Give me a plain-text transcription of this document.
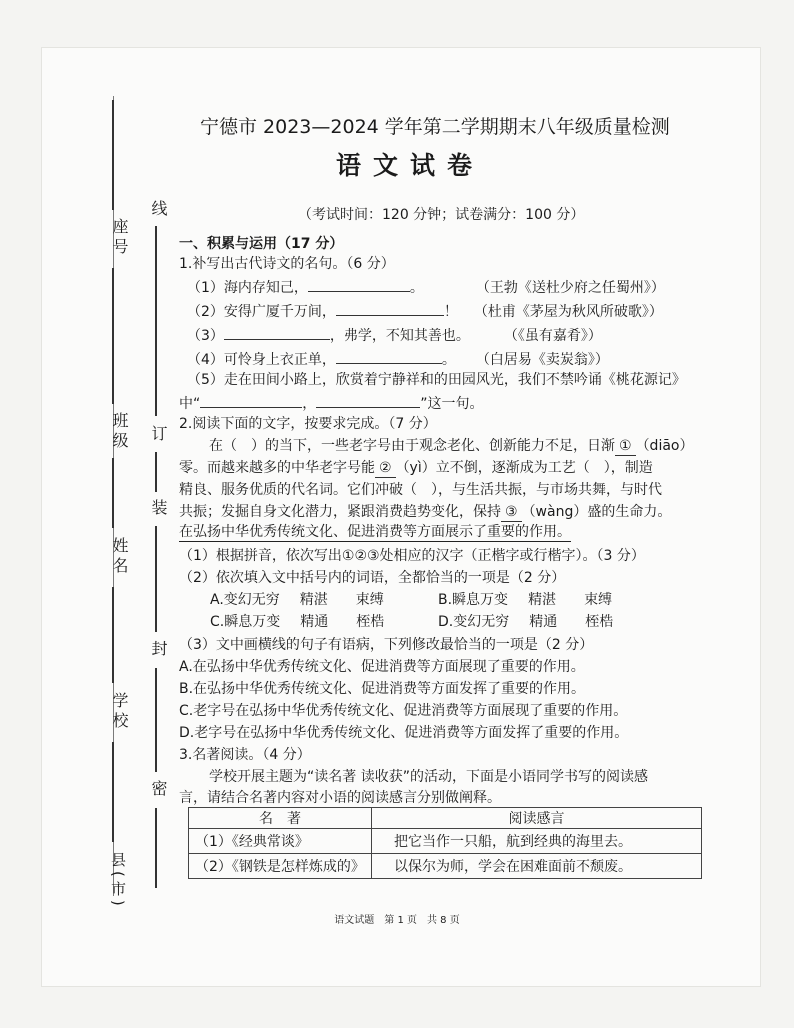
座号
班级
姓名
学校
县(市)
线
订
装
封
密
宁德市 2023—2024 学年第二学期期末八年级质量检测
语文试卷
（考试时间：120 分钟；试卷满分：100 分）
一、积累与运用（17 分）
1.补写出古代诗文的名句。（6 分）
（1）海内存知己，	。	（王勃《送杜少府之任蜀州》）
（2）安得广厦千万间，	！ （杜甫《茅屋为秋风所破歌》）
（3）	，弗学，不知其善也。 （《虽有嘉肴》）
（4）可怜身上衣正单，	。 （白居易《卖炭翁》）
（5）走在田间小路上，欣赏着宁静祥和的田园风光，我们不禁吟诵《桃花源记》
中“	，	”这一句。
2.阅读下面的文字，按要求完成。（7 分）
在（　）的当下，一些老字号由于观念老化、创新能力不足，日渐 ① （diāo）
零。而越来越多的中华老字号能 ② （yì）立不倒，逐渐成为工艺（　），制造
精良、服务优质的代名词。它们冲破（　），与生活共振，与市场共舞，与时代
共振；发掘自身文化潜力，紧跟消费趋势变化，保持 ③ （wàng）盛的生命力。
在弘扬中华优秀传统文化、促进消费等方面展示了重要的作用。
（1）根据拼音，依次写出①②③处相应的汉字（正楷字或行楷字）。（3 分）
（2）依次填入文中括号内的词语，全都恰当的一项是（2 分）
A.变幻无穷 精湛 束缚	B.瞬息万变 精湛 束缚
C.瞬息万变 精通 桎梏	D.变幻无穷 精通 桎梏
（3）文中画横线的句子有语病，下列修改最恰当的一项是（2 分）
A.在弘扬中华优秀传统文化、促进消费等方面展现了重要的作用。
B.在弘扬中华优秀传统文化、促进消费等方面发挥了重要的作用。
C.老字号在弘扬中华优秀传统文化、促进消费等方面展现了重要的作用。
D.老字号在弘扬中华优秀传统文化、促进消费等方面发挥了重要的作用。
3.名著阅读。（4 分）
学校开展主题为“读名著 读收获”的活动，下面是小语同学书写的阅读感
言，请结合名著内容对小语的阅读感言分别做阐释。
名　著	阅读感言
（1）《经典常谈》	把它当作一只船，航到经典的海里去。
（2）《钢铁是怎样炼成的》	以保尔为师，学会在困难面前不颓废。
语文试题　第 1 页　共 8 页
